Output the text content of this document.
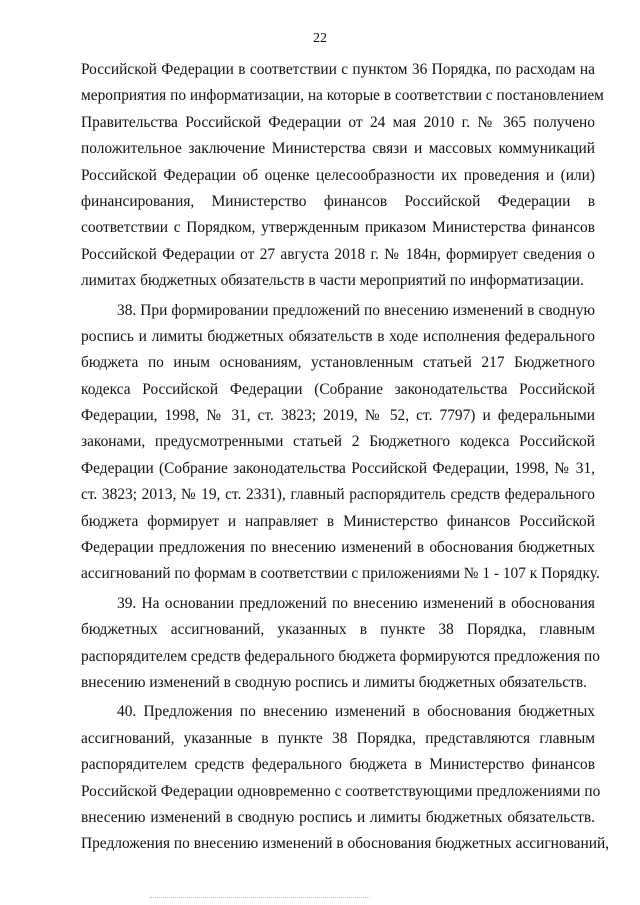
22
Российской Федерации в соответствии с пунктом 36 Порядка, по расходам на
мероприятия по информатизации, на которые в соответствии с постановлением
Правительства Российской Федерации от 24 мая 2010 г. № 365 получено
положительное заключение Министерства связи и массовых коммуникаций
Российской Федерации об оценке целесообразности их проведения и (или)
финансирования, Министерство финансов Российской Федерации в
соответствии с Порядком, утвержденным приказом Министерства финансов
Российской Федерации от 27 августа 2018 г. № 184н, формирует сведения о
лимитах бюджетных обязательств в части мероприятий по информатизации.
38. При формировании предложений по внесению изменений в сводную
роспись и лимиты бюджетных обязательств в ходе исполнения федерального
бюджета по иным основаниям, установленным статьей 217 Бюджетного
кодекса Российской Федерации (Собрание законодательства Российской
Федерации, 1998, № 31, ст. 3823; 2019, № 52, ст. 7797) и федеральными
законами, предусмотренными статьей 2 Бюджетного кодекса Российской
Федерации (Собрание законодательства Российской Федерации, 1998, № 31,
ст. 3823; 2013, № 19, ст. 2331), главный распорядитель средств федерального
бюджета формирует и направляет в Министерство финансов Российской
Федерации предложения по внесению изменений в обоснования бюджетных
ассигнований по формам в соответствии с приложениями № 1 - 107 к Порядку.
39. На основании предложений по внесению изменений в обоснования
бюджетных ассигнований, указанных в пункте 38 Порядка, главным
распорядителем средств федерального бюджета формируются предложения по
внесению изменений в сводную роспись и лимиты бюджетных обязательств.
40. Предложения по внесению изменений в обоснования бюджетных
ассигнований, указанные в пункте 38 Порядка, представляются главным
распорядителем средств федерального бюджета в Министерство финансов
Российской Федерации одновременно с соответствующими предложениями по
внесению изменений в сводную роспись и лимиты бюджетных обязательств.
Предложения по внесению изменений в обоснования бюджетных ассигнований,
